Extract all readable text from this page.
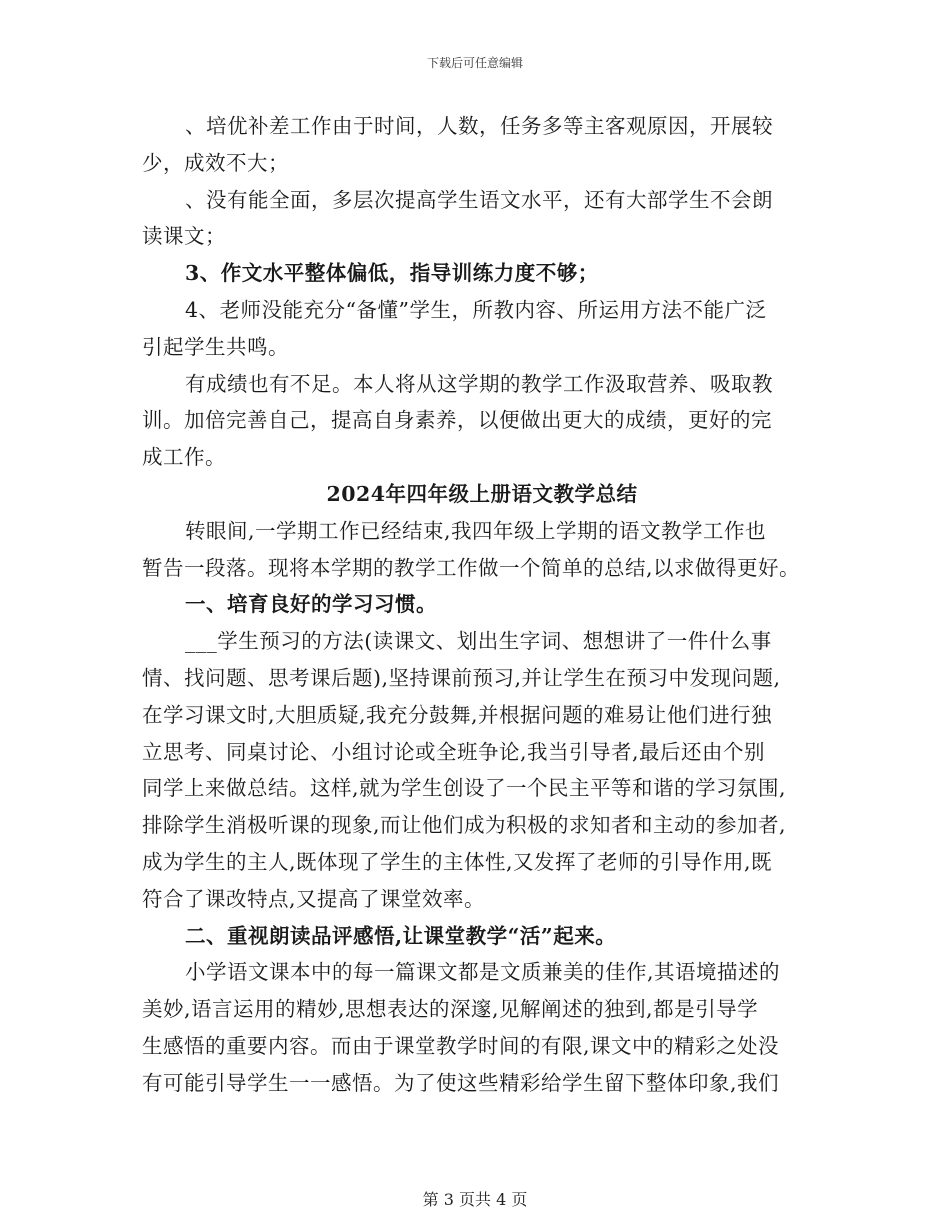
下载后可任意编辑
、培优补差工作由于时间，人数，任务多等主客观原因，开展较
少，成效不大；
、没有能全面，多层次提高学生语文水平，还有大部学生不会朗
读课文；
3、作文水平整体偏低，指导训练力度不够；
4、老师没能充分“备懂”学生，所教内容、所运用方法不能广泛
引起学生共鸣。
有成绩也有不足。本人将从这学期的教学工作汲取营养、吸取教
训。加倍完善自己，提高自身素养，以便做出更大的成绩，更好的完
成工作。
2024年四年级上册语文教学总结
转眼间,一学期工作已经结束,我四年级上学期的语文教学工作也
暂告一段落。现将本学期的教学工作做一个简单的总结,以求做得更好。
一、培育良好的学习习惯。
___学生预习的方法(读课文、划出生字词、想想讲了一件什么事
情、找问题、思考课后题),坚持课前预习,并让学生在预习中发现问题,
在学习课文时,大胆质疑,我充分鼓舞,并根据问题的难易让他们进行独
立思考、同桌讨论、小组讨论或全班争论,我当引导者,最后还由个别
同学上来做总结。这样,就为学生创设了一个民主平等和谐的学习氛围,
排除学生消极听课的现象,而让他们成为积极的求知者和主动的参加者,
成为学生的主人,既体现了学生的主体性,又发挥了老师的引导作用,既
符合了课改特点,又提高了课堂效率。
二、重视朗读品评感悟,让课堂教学“活”起来。
小学语文课本中的每一篇课文都是文质兼美的佳作,其语境描述的
美妙,语言运用的精妙,思想表达的深邃,见解阐述的独到,都是引导学
生感悟的重要内容。而由于课堂教学时间的有限,课文中的精彩之处没
有可能引导学生一一感悟。为了使这些精彩给学生留下整体印象,我们
第 3 页共 4 页
